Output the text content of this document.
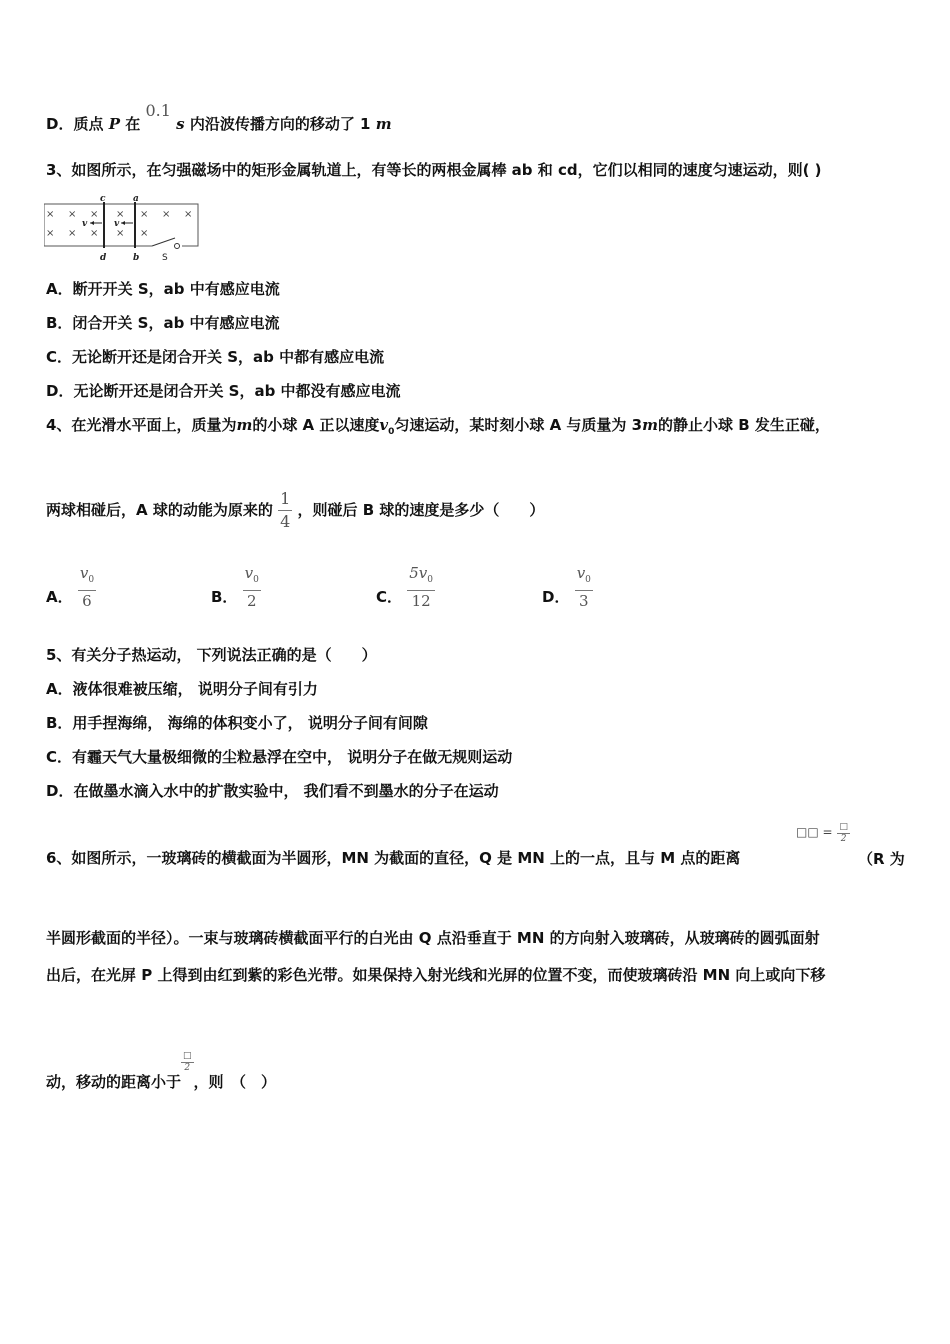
D．质点 P 在 0.1 s 内沿波传播方向的移动了 1 m
3、如图所示，在匀强磁场中的矩形金属轨道上，有等长的两根金属棒 ab 和 cd，它们以相同的速度匀速运动，则( )
× × × × × × ×
× × × × ×
v	v
c	a
d	b	S
A．断开开关 S，ab 中有感应电流
B．闭合开关 S，ab 中有感应电流
C．无论断开还是闭合开关 S，ab 中都有感应电流
D．无论断开还是闭合开关 S，ab 中都没有感应电流
4、在光滑水平面上，质量为m的小球 A 正以速度$v_0$匀速运动，某时刻小球 A 与质量为 3m的静止小球 B 发生正碰，
两球相碰后，A 球的动能为原来的 $\frac{1}{4}$ ，则碰后 B 球的速度是多少（　　）
A． $\frac{v_0}{6}$	B． $\frac{v_0}{2}$	C． $\frac{5v_0}{12}$	D． $\frac{v_0}{3}$
5、有关分子热运动， 下列说法正确的是（　　）
A．液体很难被压缩， 说明分子间有引力
B．用手捏海绵， 海绵的体积变小了， 说明分子间有间隙
C．有霾天气大量极细微的尘粒悬浮在空中， 说明分子在做无规则运动
D．在做墨水滴入水中的扩散实验中， 我们看不到墨水的分子在运动
6、如图所示，一玻璃砖的横截面为半圆形，MN 为截面的直径，Q 是 MN 上的一点，且与 M 点的距离
□□ = $\frac{□}{2}$
（R 为
半圆形截面的半径）。一束与玻璃砖横截面平行的白光由 Q 点沿垂直于 MN 的方向射入玻璃砖，从玻璃砖的圆弧面射
出后，在光屏 P 上得到由红到紫的彩色光带。如果保持入射光线和光屏的位置不变，而使玻璃砖沿 MN 向上或向下移
动，移动的距离小于
$\frac{□}{2}$
，则　（　）
